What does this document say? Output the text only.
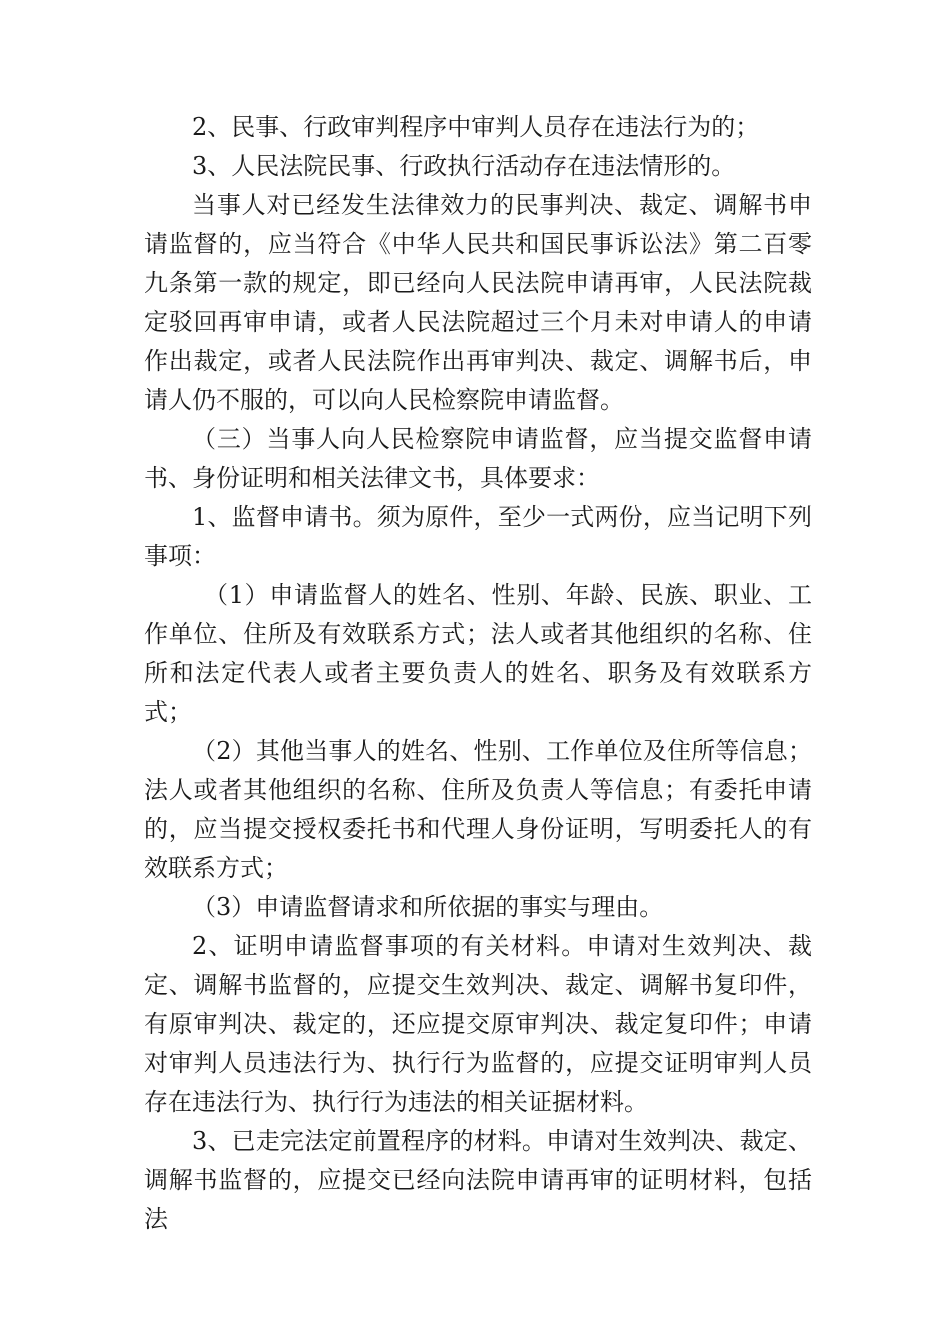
2、民事、行政审判程序中审判人员存在违法行为的；

3、人民法院民事、行政执行活动存在违法情形的。

当事人对已经发生法律效力的民事判决、裁定、调解书申请监督的，应当符合《中华人民共和国民事诉讼法》第二百零九条第一款的规定，即已经向人民法院申请再审，人民法院裁定驳回再审申请，或者人民法院超过三个月未对申请人的申请作出裁定，或者人民法院作出再审判决、裁定、调解书后，申请人仍不服的，可以向人民检察院申请监督。

（三）当事人向人民检察院申请监督，应当提交监督申请书、身份证明和相关法律文书，具体要求：

1、监督申请书。须为原件，至少一式两份，应当记明下列事项：

（1）申请监督人的姓名、性别、年龄、民族、职业、工作单位、住所及有效联系方式；法人或者其他组织的名称、住所和法定代表人或者主要负责人的姓名、职务及有效联系方式；

（2）其他当事人的姓名、性别、工作单位及住所等信息；法人或者其他组织的名称、住所及负责人等信息；有委托申请的，应当提交授权委托书和代理人身份证明，写明委托人的有效联系方式；

（3）申请监督请求和所依据的事实与理由。

2、证明申请监督事项的有关材料。申请对生效判决、裁定、调解书监督的，应提交生效判决、裁定、调解书复印件，有原审判决、裁定的，还应提交原审判决、裁定复印件；申请对审判人员违法行为、执行行为监督的，应提交证明审判人员存在违法行为、执行行为违法的相关证据材料。

3、已走完法定前置程序的材料。申请对生效判决、裁定、调解书监督的，应提交已经向法院申请再审的证明材料，包括法
